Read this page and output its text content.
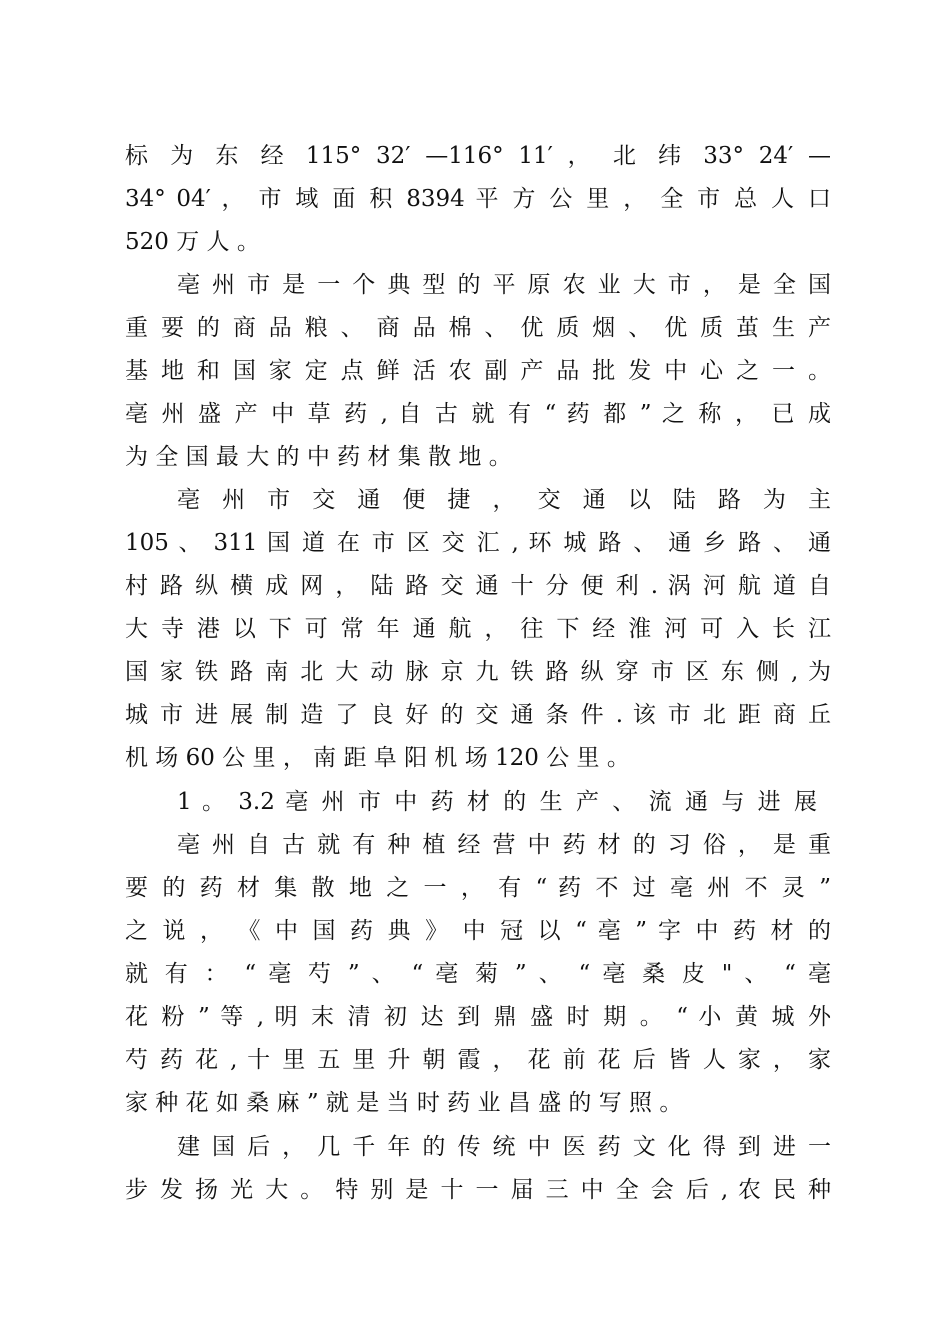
标 为 东 经 115° 32′ —116° 11′ ， 北 纬 33° 24′ —
34° 04′ ， 市 域 面 积 8394 平 方 公 里 ， 全 市 总 人 口
520 万 人 。
亳 州 市 是 一 个 典 型 的 平 原 农 业 大 市 ， 是 全 国
重 要 的 商 品 粮 、 商 品 棉 、 优 质 烟 、 优 质 茧 生 产
基 地 和 国 家 定 点 鲜 活 农 副 产 品 批 发 中 心 之 一 。
亳 州 盛 产 中 草 药 , 自 古 就 有 “ 药 都 ” 之 称 ， 已 成
为 全 国 最 大 的 中 药 材 集 散 地 。
亳 州 市 交 通 便 捷 ， 交 通 以 陆 路 为 主
105 、 311 国 道 在 市 区 交 汇 , 环 城 路 、 通 乡 路 、 通
村 路 纵 横 成 网 ， 陆 路 交 通 十 分 便 利 . 涡 河 航 道 自
大 寺 港 以 下 可 常 年 通 航 ， 往 下 经 淮 河 可 入 长 江
国 家 铁 路 南 北 大 动 脉 京 九 铁 路 纵 穿 市 区 东 侧 , 为
城 市 进 展 制 造 了 良 好 的 交 通 条 件 . 该 市 北 距 商 丘
机 场 60 公 里 ， 南 距 阜 阳 机 场 120 公 里 。
1 。 3.2 亳 州 市 中 药 材 的 生 产 、 流 通 与 进 展
亳 州 自 古 就 有 种 植 经 营 中 药 材 的 习 俗 ， 是 重
要 的 药 材 集 散 地 之 一 ， 有 “ 药 不 过 亳 州 不 灵 ”
之 说 ， 《 中 国 药 典 》 中 冠 以 “ 亳 ” 字 中 药 材 的
就 有 ： “ 亳 芍 ” 、 “ 亳 菊 ” 、 “ 亳 桑 皮 " 、 “ 亳
花 粉 ” 等 , 明 末 清 初 达 到 鼎 盛 时 期 。 “ 小 黄 城 外
芍 药 花 , 十 里 五 里 升 朝 霞 ， 花 前 花 后 皆 人 家 ， 家
家 种 花 如 桑 麻 ” 就 是 当 时 药 业 昌 盛 的 写 照 。
建 国 后 ， 几 千 年 的 传 统 中 医 药 文 化 得 到 进 一
步 发 扬 光 大 。 特 别 是 十 一 届 三 中 全 会 后 , 农 民 种
